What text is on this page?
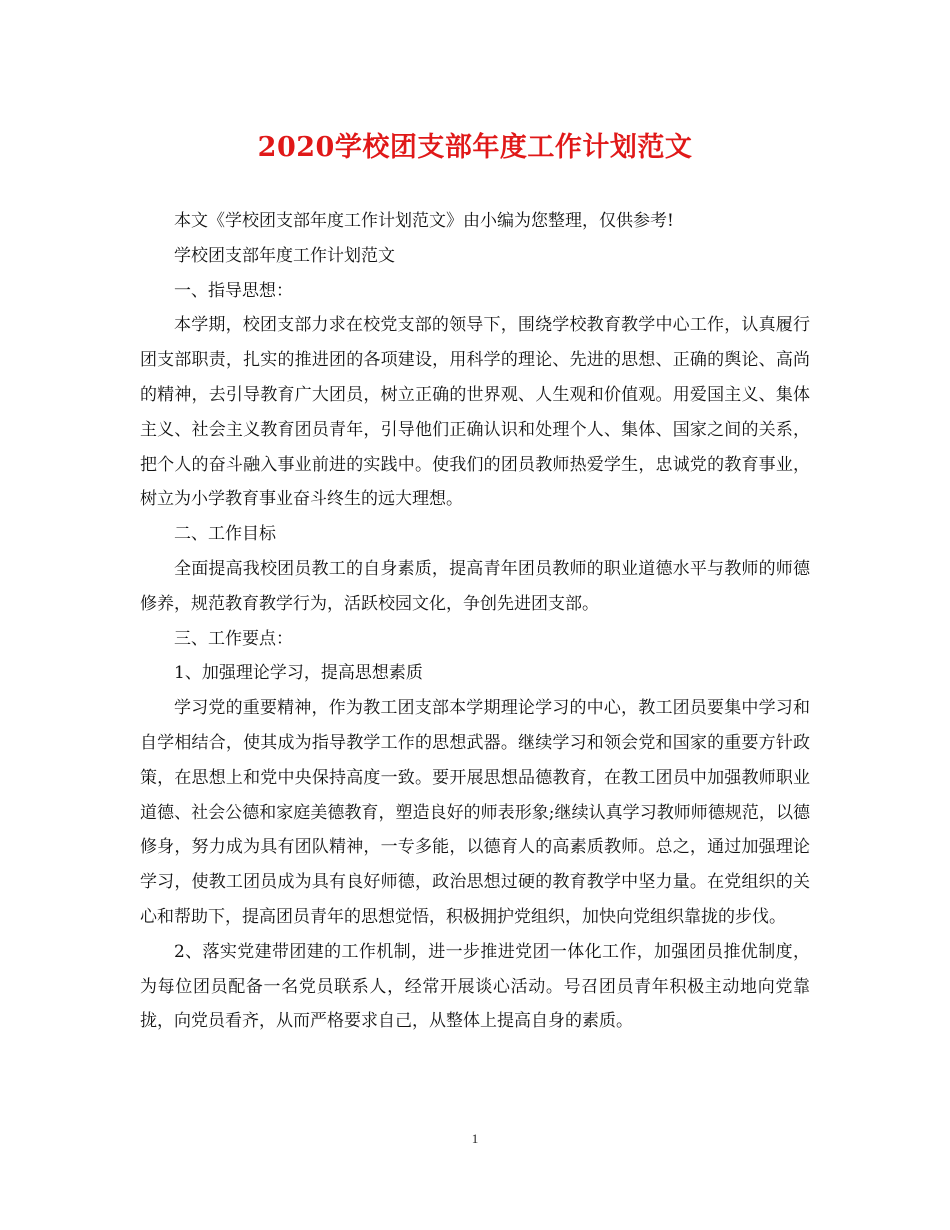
2020学校团支部年度工作计划范文

本文《学校团支部年度工作计划范文》由小编为您整理，仅供参考!

学校团支部年度工作计划范文

一、指导思想：

本学期，校团支部力求在校党支部的领导下，围绕学校教育教学中心工作，认真履行团支部职责，扎实的推进团的各项建设，用科学的理论、先进的思想、正确的舆论、高尚的精神，去引导教育广大团员，树立正确的世界观、人生观和价值观。用爱国主义、集体主义、社会主义教育团员青年，引导他们正确认识和处理个人、集体、国家之间的关系，把个人的奋斗融入事业前进的实践中。使我们的团员教师热爱学生，忠诚党的教育事业，树立为小学教育事业奋斗终生的远大理想。

二、工作目标

全面提高我校团员教工的自身素质，提高青年团员教师的职业道德水平与教师的师德修养，规范教育教学行为，活跃校园文化，争创先进团支部。

三、工作要点：

1、加强理论学习，提高思想素质

学习党的重要精神，作为教工团支部本学期理论学习的中心，教工团员要集中学习和自学相结合，使其成为指导教学工作的思想武器。继续学习和领会党和国家的重要方针政策，在思想上和党中央保持高度一致。要开展思想品德教育，在教工团员中加强教师职业道德、社会公德和家庭美德教育，塑造良好的师表形象;继续认真学习教师师德规范，以德修身，努力成为具有团队精神，一专多能，以德育人的高素质教师。总之，通过加强理论学习，使教工团员成为具有良好师德，政治思想过硬的教育教学中坚力量。在党组织的关心和帮助下，提高团员青年的思想觉悟，积极拥护党组织，加快向党组织靠拢的步伐。

2、落实党建带团建的工作机制，进一步推进党团一体化工作，加强团员推优制度，为每位团员配备一名党员联系人，经常开展谈心活动。号召团员青年积极主动地向党靠拢，向党员看齐，从而严格要求自己，从整体上提高自身的素质。

1
